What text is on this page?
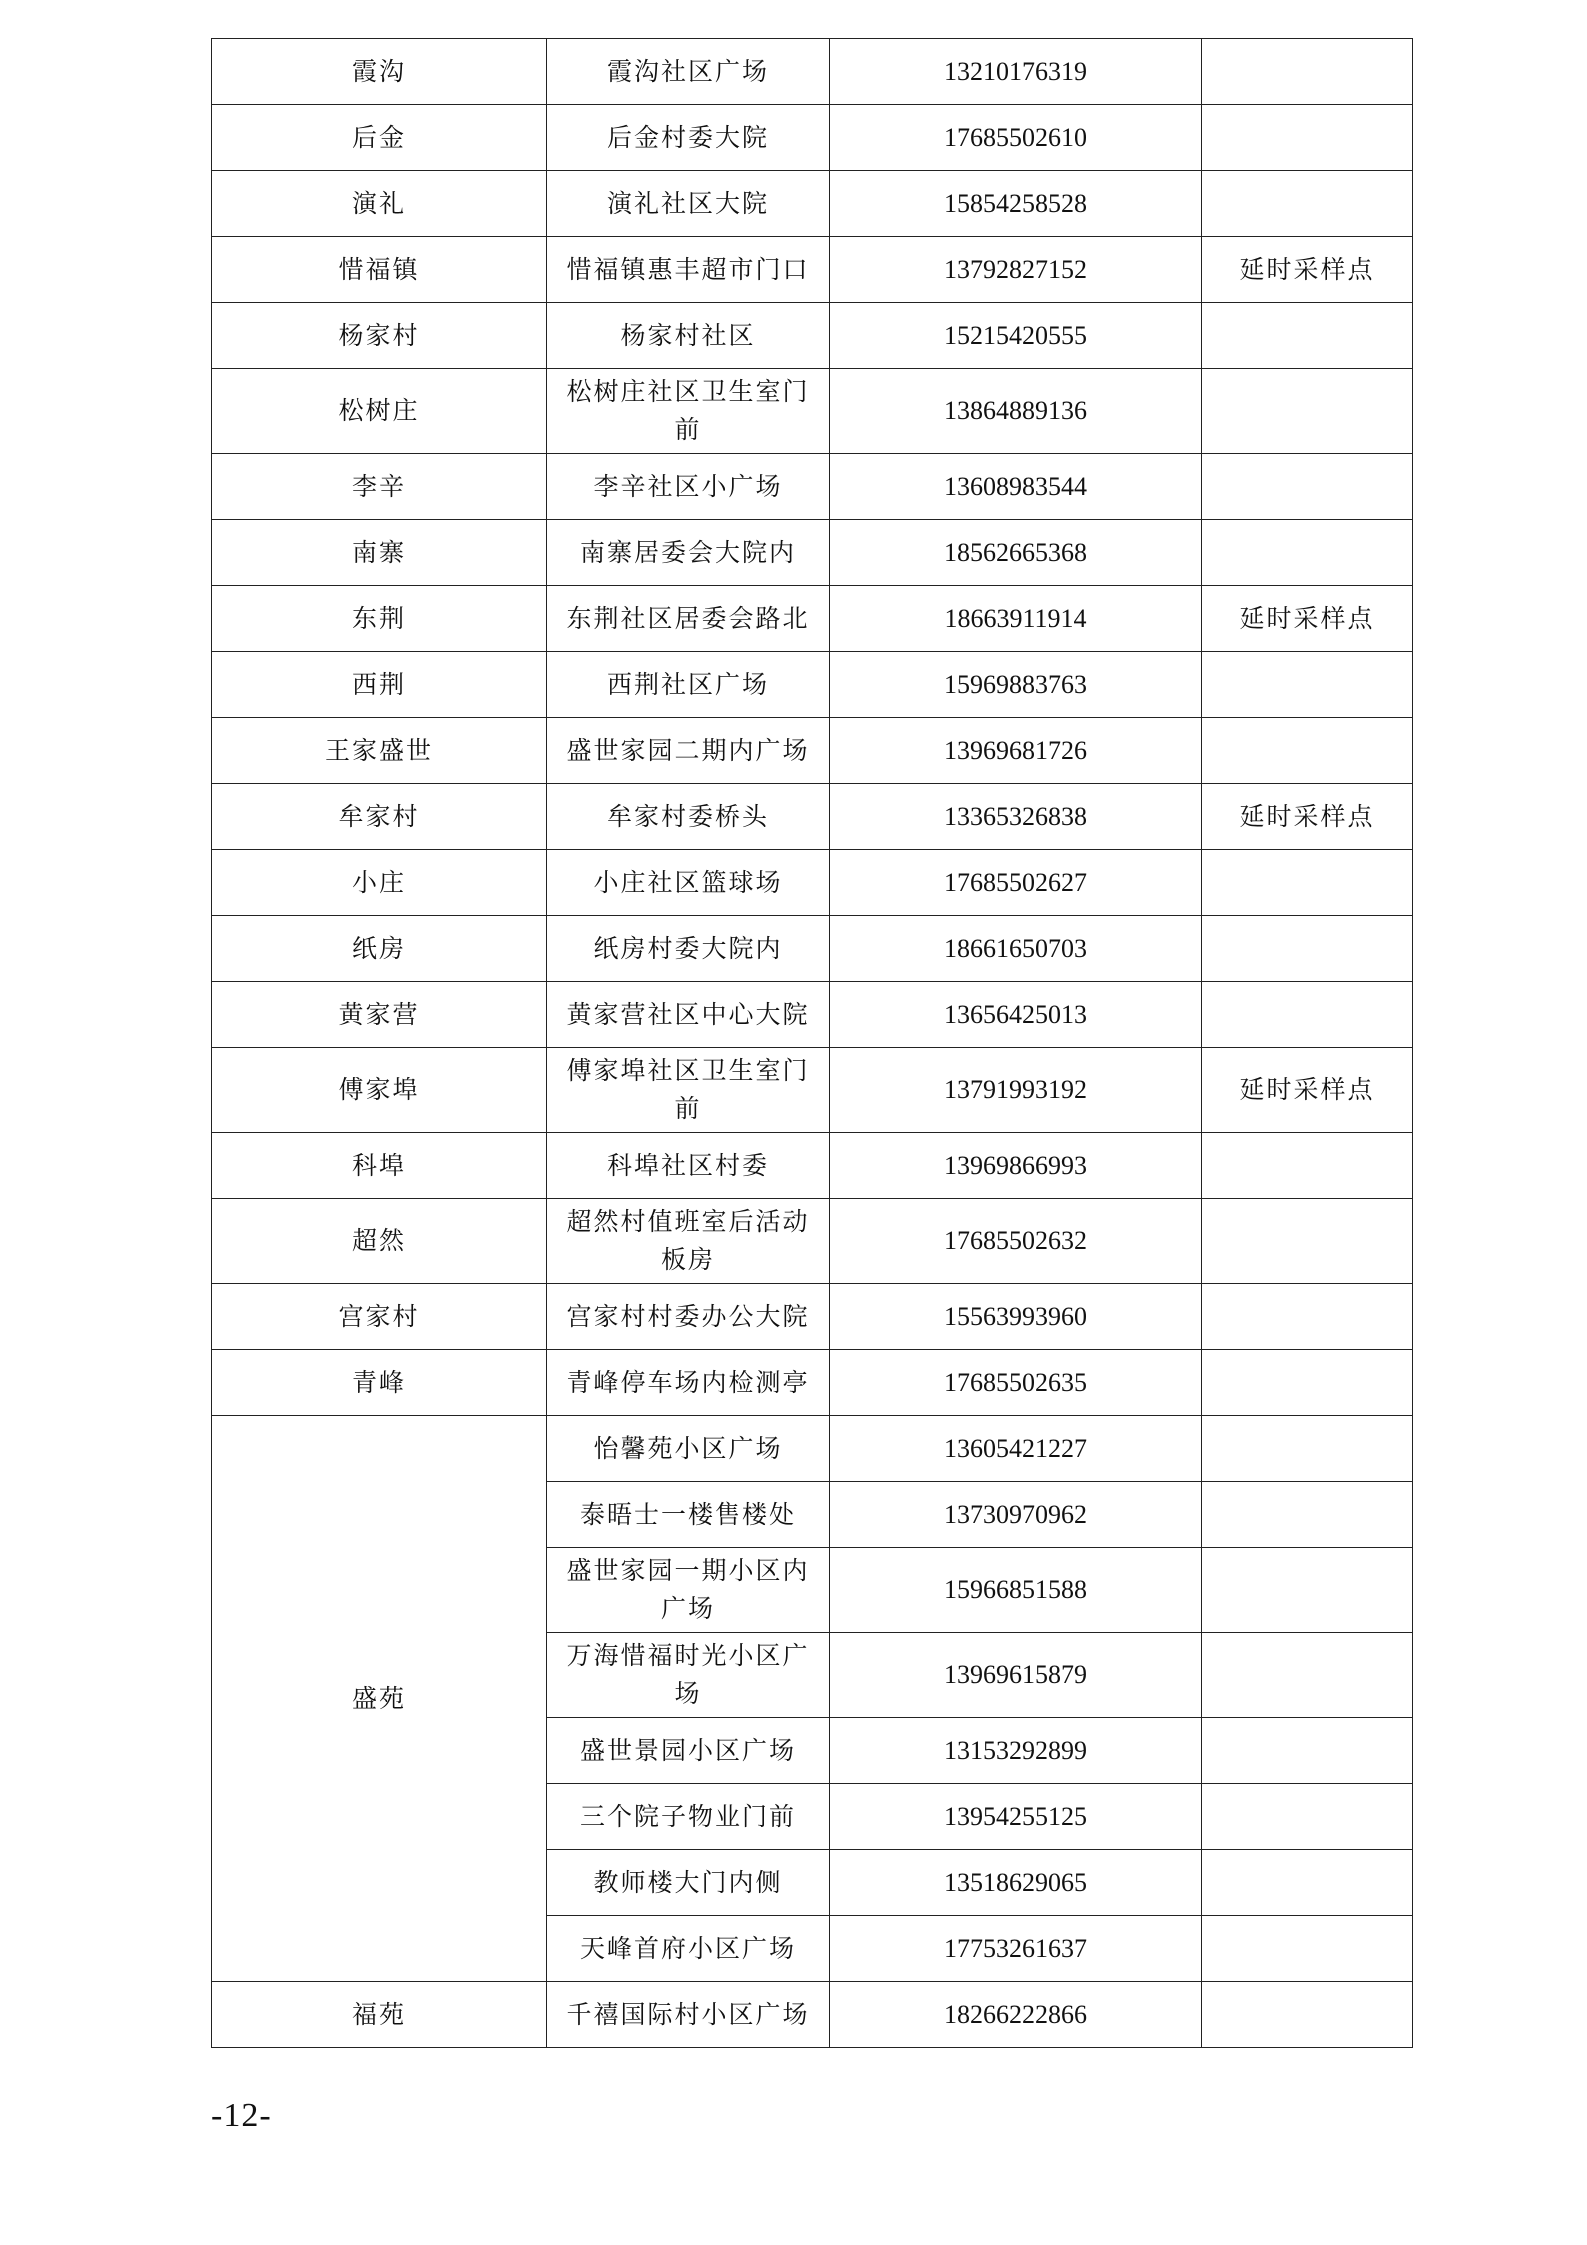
霞沟	霞沟社区广场	13210176319	
后金	后金村委大院	17685502610	
演礼	演礼社区大院	15854258528	
惜福镇	惜福镇惠丰超市门口	13792827152	延时采样点
杨家村	杨家村社区	15215420555	
松树庄	松树庄社区卫生室门前	13864889136	
李辛	李辛社区小广场	13608983544	
南寨	南寨居委会大院内	18562665368	
东荆	东荆社区居委会路北	18663911914	延时采样点
西荆	西荆社区广场	15969883763	
王家盛世	盛世家园二期内广场	13969681726	
牟家村	牟家村委桥头	13365326838	延时采样点
小庄	小庄社区篮球场	17685502627	
纸房	纸房村委大院内	18661650703	
黄家营	黄家营社区中心大院	13656425013	
傅家埠	傅家埠社区卫生室门前	13791993192	延时采样点
科埠	科埠社区村委	13969866993	
超然	超然村值班室后活动板房	17685502632	
宫家村	宫家村村委办公大院	15563993960	
青峰	青峰停车场内检测亭	17685502635	
盛苑	怡馨苑小区广场	13605421227	
	泰晤士一楼售楼处	13730970962	
	盛世家园一期小区内广场	15966851588	
	万海惜福时光小区广场	13969615879	
	盛世景园小区广场	13153292899	
	三个院子物业门前	13954255125	
	教师楼大门内侧	13518629065	
	天峰首府小区广场	17753261637	
福苑	千禧国际村小区广场	18266222866	
-12-
